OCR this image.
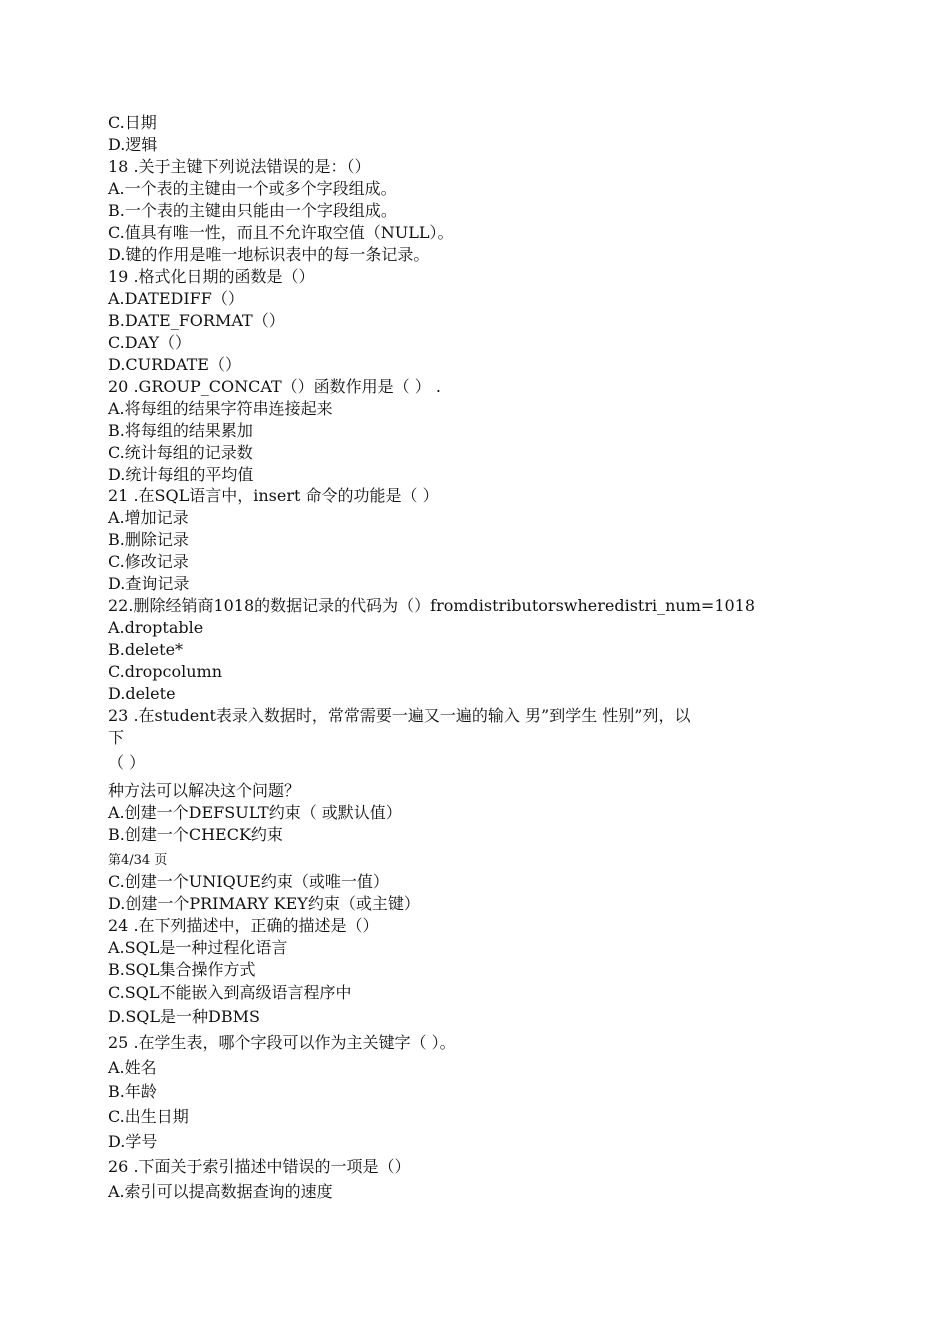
C.日期
D.逻辑
18 .关于主键下列说法错误的是：（）
A.一个表的主键由一个或多个字段组成。
B.一个表的主键由只能由一个字段组成。
C.值具有唯一性，而且不允许取空值（NULL）。
D.键的作用是唯一地标识表中的每一条记录。
19 .格式化日期的函数是（）
A.DATEDIFF（）
B.DATE_FORMAT（）
C.DAY（）
D.CURDATE（）
20 .GROUP_CONCAT（）函数作用是（ ） .
A.将每组的结果字符串连接起来
B.将每组的结果累加
C.统计每组的记录数
D.统计每组的平均值
21 .在SQL语言中，insert 命令的功能是（ ）
A.增加记录
B.删除记录
C.修改记录
D.查询记录
22.删除经销商1018的数据记录的代码为（）fromdistributorswheredistri_num=1018
A.droptable
B.delete*
C.dropcolumn
D.delete
23 .在student表录入数据时，常常需要一遍又一遍的输入 男”到学生 性别”列，以
下
（ ）
种方法可以解决这个问题？
A.创建一个DEFSULT约束（ 或默认值）
B.创建一个CHECK约束
第4/34 页
C.创建一个UNIQUE约束（或唯一值）
D.创建一个PRIMARY KEY约束（或主键）
24 .在下列描述中，正确的描述是（）
A.SQL是一种过程化语言
B.SQL集合操作方式
C.SQL不能嵌入到高级语言程序中
D.SQL是一种DBMS
25 .在学生表，哪个字段可以作为主关键字（ ）。
A.姓名
B.年龄
C.出生日期
D.学号
26 .下面关于索引描述中错误的一项是（）
A.索引可以提高数据查询的速度
